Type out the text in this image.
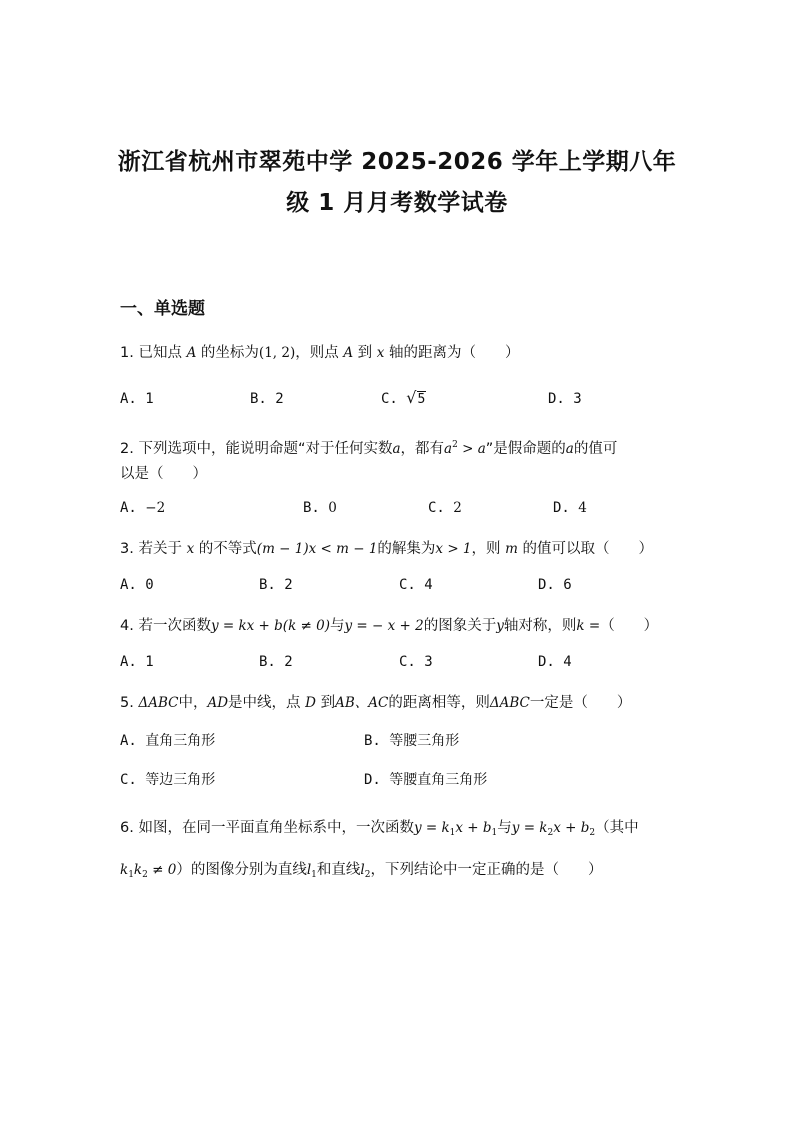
浙江省杭州市翠苑中学 2025-2026 学年上学期八年
级 1 月月考数学试卷
一、单选题
1. 已知点 A 的坐标为(1, 2)，则点 A 到 x 轴的距离为（　　）
A. 1	B. 2	C. √5	D. 3
2. 下列选项中，能说明命题“对于任何实数a，都有$a^2 > a$”是假命题的a的值可
以是（　　）
A. −2	B. 0	C. 2	D. 4
3. 若关于 x 的不等式(m − 1)x < m − 1的解集为x > 1，则 m 的值可以取（　　）
A. 0	B. 2	C. 4	D. 6
4. 若一次函数y = kx + b(k ≠ 0)与y = − x + 2的图象关于y轴对称，则k =（　　）
A. 1	B. 2	C. 3	D. 4
5. ΔABC中，AD是中线，点 D 到AB、AC的距离相等，则ΔABC一定是（　　）
A. 直角三角形	B. 等腰三角形
C. 等边三角形	D. 等腰直角三角形
6. 如图，在同一平面直角坐标系中，一次函数$y = k_1x + b_1$与$y = k_2x + b_2$（其中
$k_1k_2 \ne 0$）的图像分别为直线$l_1$和直线$l_2$，下列结论中一定正确的是（　　）
